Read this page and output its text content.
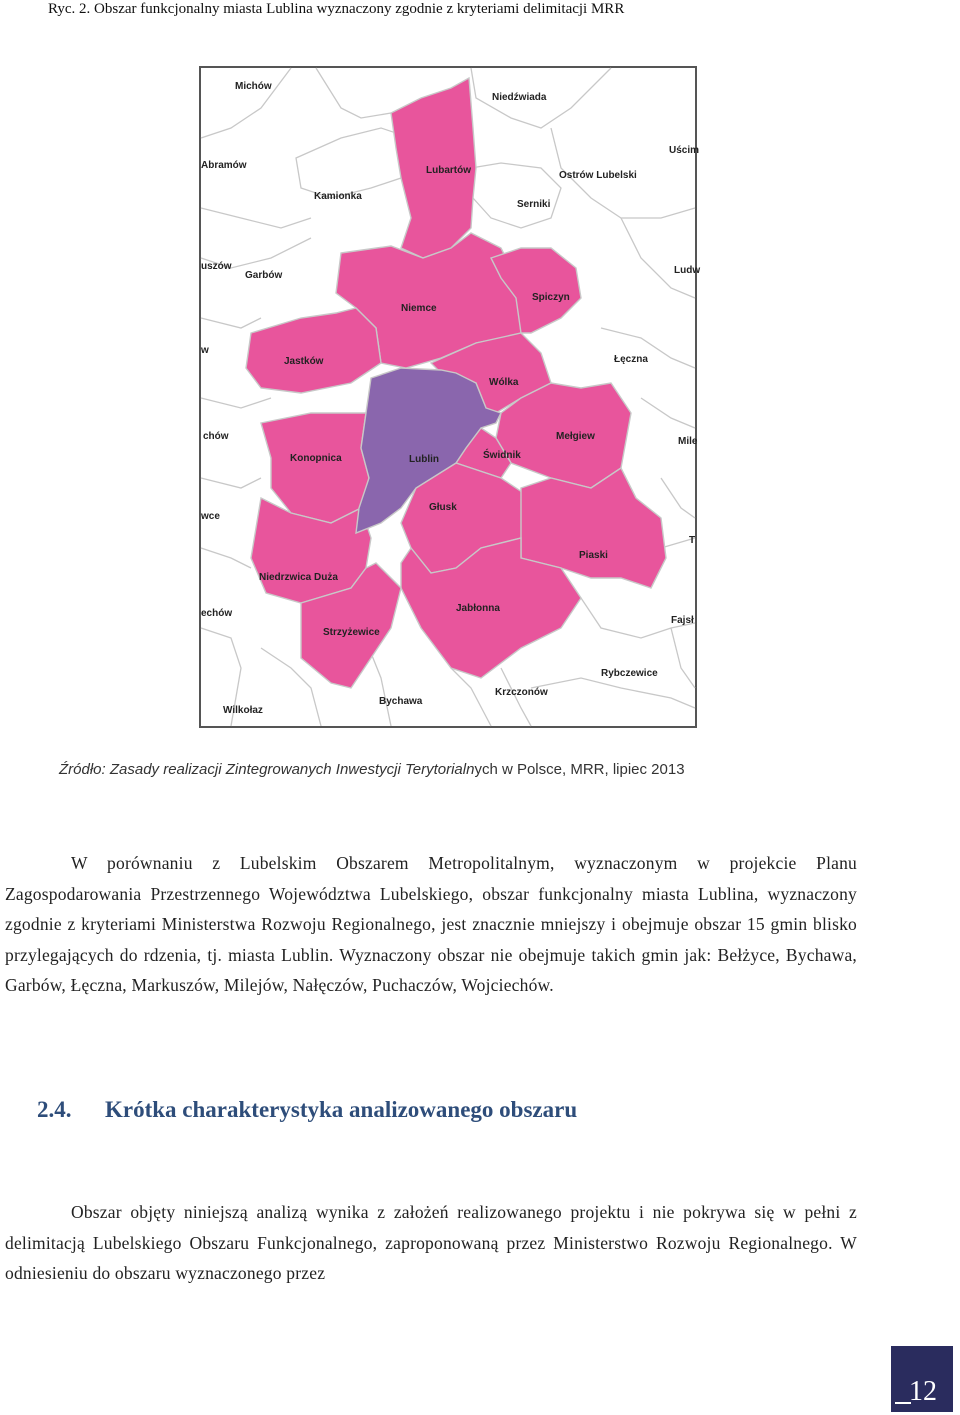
Ryc. 2. Obszar funkcjonalny miasta Lublina wyznaczony zgodnie z kryteriami delimitacji MRR
Michów
Niedźwiada
Abramów
Uścim
Lubartów	Ostrów Lubelski
Kamionka
Serniki
uszów
Garbów	Ludw
Niemce
Spiczyn
w
Jastków	Łęczna
Wólka
chów	Mełgiew	Mile
Konopnica	Lublin	Świdnik
wce
Głusk
Piaski
T
Niedrzwica Duża
echów	Jabłonna
Fajsł
Strzyżewice
Rybczewice
Bychawa
Krzczonów
Wilkołaz
Źródło: Zasady realizacji Zintegrowanych Inwestycji Terytorialnych w Polsce, MRR, lipiec 2013
W porównaniu z Lubelskim Obszarem Metropolitalnym, wyznaczonym w projekcie Planu Zagospodarowania Przestrzennego Województwa Lubelskiego, obszar funkcjonalny miasta Lublina, wyznaczony zgodnie z kryteriami Ministerstwa Rozwoju Regionalnego, jest znacznie mniejszy i obejmuje obszar 15 gmin blisko przylegających do rdzenia, tj. miasta Lublin. Wyznaczony obszar nie obejmuje takich gmin jak: Bełżyce, Bychawa, Garbów, Łęczna, Markuszów, Milejów, Nałęczów, Puchaczów, Wojciechów.
2.4. Krótka charakterystyka analizowanego obszaru
Obszar objęty niniejszą analizą wynika z założeń realizowanego projektu i nie pokrywa się w pełni z delimitacją Lubelskiego Obszaru Funkcjonalnego, zaproponowaną przez Ministerstwo Rozwoju Regionalnego. W odniesieniu do obszaru wyznaczonego przez
12
